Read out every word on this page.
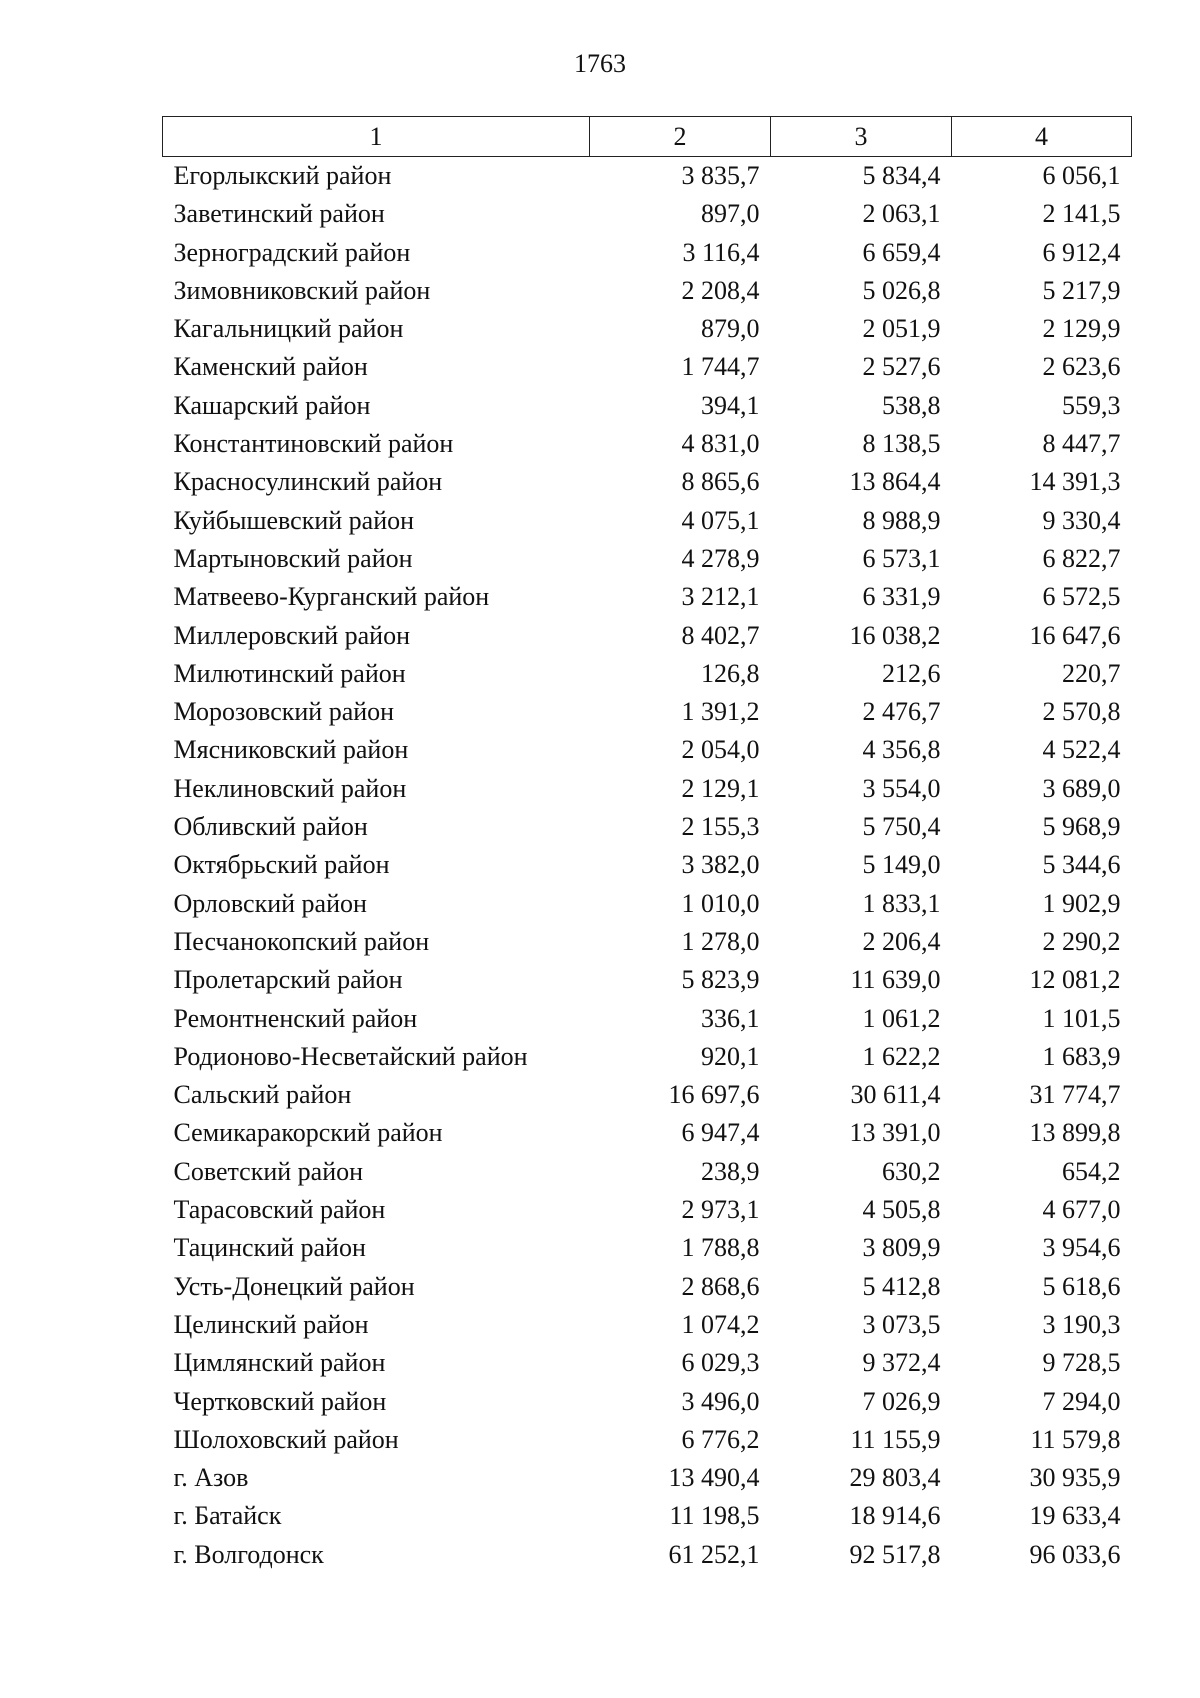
1763
1	2	3	4
Егорлыкский район	3 835,7	5 834,4	6 056,1
Заветинский район	897,0	2 063,1	2 141,5
Зерноградский район	3 116,4	6 659,4	6 912,4
Зимовниковский район	2 208,4	5 026,8	5 217,9
Кагальницкий район	879,0	2 051,9	2 129,9
Каменский район	1 744,7	2 527,6	2 623,6
Кашарский район	394,1	538,8	559,3
Константиновский район	4 831,0	8 138,5	8 447,7
Красносулинский район	8 865,6	13 864,4	14 391,3
Куйбышевский район	4 075,1	8 988,9	9 330,4
Мартыновский район	4 278,9	6 573,1	6 822,7
Матвеево-Курганский район	3 212,1	6 331,9	6 572,5
Миллеровский район	8 402,7	16 038,2	16 647,6
Милютинский район	126,8	212,6	220,7
Морозовский район	1 391,2	2 476,7	2 570,8
Мясниковский район	2 054,0	4 356,8	4 522,4
Неклиновский район	2 129,1	3 554,0	3 689,0
Обливский район	2 155,3	5 750,4	5 968,9
Октябрьский район	3 382,0	5 149,0	5 344,6
Орловский район	1 010,0	1 833,1	1 902,9
Песчанокопский район	1 278,0	2 206,4	2 290,2
Пролетарский район	5 823,9	11 639,0	12 081,2
Ремонтненский район	336,1	1 061,2	1 101,5
Родионово-Несветайский район	920,1	1 622,2	1 683,9
Сальский район	16 697,6	30 611,4	31 774,7
Семикаракорский район	6 947,4	13 391,0	13 899,8
Советский район	238,9	630,2	654,2
Тарасовский район	2 973,1	4 505,8	4 677,0
Тацинский район	1 788,8	3 809,9	3 954,6
Усть-Донецкий район	2 868,6	5 412,8	5 618,6
Целинский район	1 074,2	3 073,5	3 190,3
Цимлянский район	6 029,3	9 372,4	9 728,5
Чертковский район	3 496,0	7 026,9	7 294,0
Шолоховский район	6 776,2	11 155,9	11 579,8
г. Азов	13 490,4	29 803,4	30 935,9
г. Батайск	11 198,5	18 914,6	19 633,4
г. Волгодонск	61 252,1	92 517,8	96 033,6
